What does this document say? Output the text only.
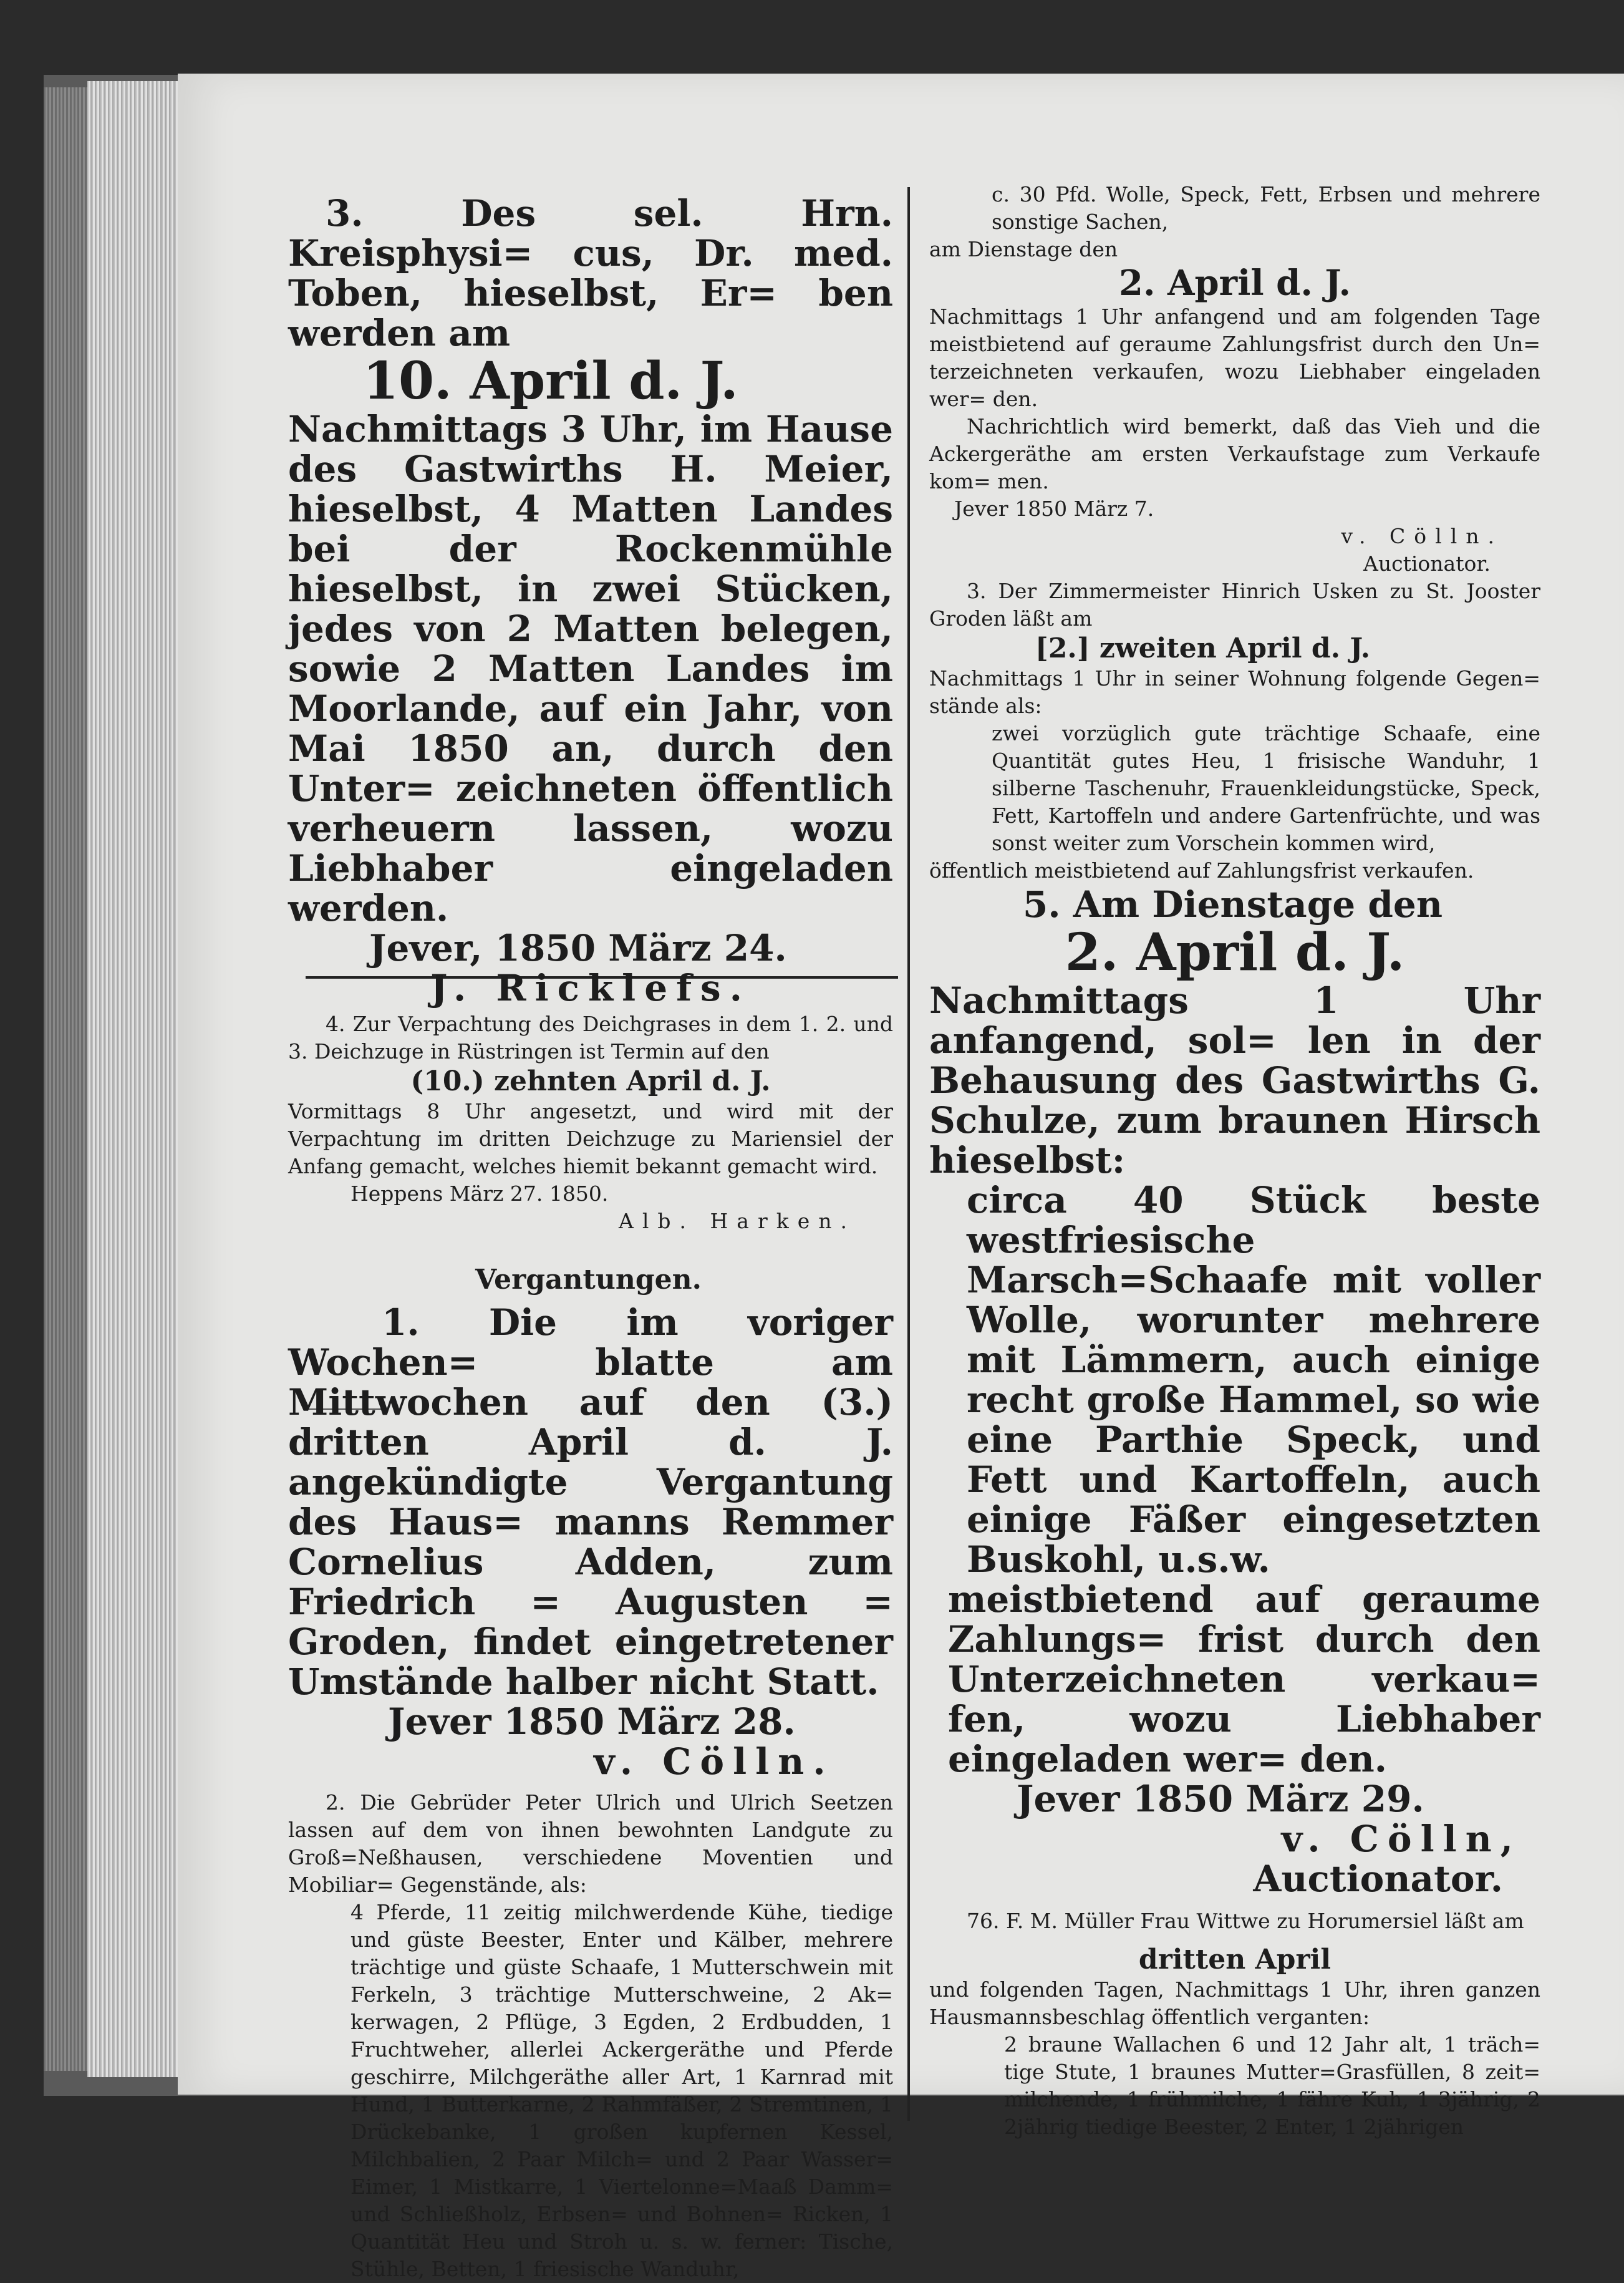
3. Des sel. Hrn. Kreisphysi= cus, Dr. med. Toben, hieselbst, Er= ben werden am

10. April d. J.

Nachmittags 3 Uhr, im Hause des Gastwirths H. Meier, hieselbst, 4 Matten Landes bei der Rockenmühle hieselbst, in zwei Stücken, jedes von 2 Matten belegen, sowie 2 Matten Landes im Moorlande, auf ein Jahr, von Mai 1850 an, durch den Unter= zeichneten öffentlich verheuern lassen, wozu Liebhaber eingeladen werden.

Jever, 1850 März 24.

J. Ricklefs.

4. Zur Verpachtung des Deichgrases in dem 1. 2. und 3. Deichzuge in Rüstringen ist Termin auf den

(10.) zehnten April d. J.

Vormittags 8 Uhr angesetzt, und wird mit der Verpachtung im dritten Deichzuge zu Mariensiel der Anfang gemacht, welches hiemit bekannt gemacht wird.

Heppens März 27. 1850.

Alb. Harken.

Vergantungen.

1. Die im voriger Wochen= blatte am Mittwochen auf den (3.) dritten April d. J. angekündigte Vergantung des Haus= manns Remmer Cornelius Adden, zum Friedrich = Augusten = Groden, findet eingetretener Umstände halber nicht Statt.

Jever 1850 März 28.

v. Cölln.

2. Die Gebrüder Peter Ulrich und Ulrich Seetzen lassen auf dem von ihnen bewohnten Landgute zu Groß=Neßhausen, verschiedene Moventien und Mobiliar= Gegenstände, als:

4 Pferde, 11 zeitig milchwerdende Kühe, tiedige und güste Beester, Enter und Kälber, mehrere trächtige und güste Schaafe, 1 Mutterschwein mit Ferkeln, 3 trächtige Mutterschweine, 2 Ak= kerwagen, 2 Pflüge, 3 Egden, 2 Erdbudden, 1 Fruchtweher, allerlei Ackergeräthe und Pferde geschirre, Milchgeräthe aller Art, 1 Karnrad mit Hund, 1 Butterkarne, 2 Rahmfäßer, 2 Stremtinen, 1 Drückebanke, 1 großen kupfernen Kessel, Milchbalien, 2 Paar Milch= und 2 Paar Wasser= Eimer, 1 Mistkarre, 1 Viertelonne=Maaß Damm= und Schließholz, Erbsen= und Bohnen= Ricken, 1 Quantität Heu und Stroh u. s. w. ferner: Tische, Stühle, Betten, 1 friesische Wanduhr,

c. 30 Pfd. Wolle, Speck, Fett, Erbsen und mehrere sonstige Sachen,

am Dienstage den

2. April d. J.

Nachmittags 1 Uhr anfangend und am folgenden Tage meistbietend auf geraume Zahlungsfrist durch den Un= terzeichneten verkaufen, wozu Liebhaber eingeladen wer= den.

Nachrichtlich wird bemerkt, daß das Vieh und die Ackergeräthe am ersten Verkaufstage zum Verkaufe kom= men.

Jever 1850 März 7.

v. Cölln.

Auctionator.

3. Der Zimmermeister Hinrich Usken zu St. Jooster Groden läßt am

[2.] zweiten April d. J.

Nachmittags 1 Uhr in seiner Wohnung folgende Gegen= stände als:

zwei vorzüglich gute trächtige Schaafe, eine Quantität gutes Heu, 1 frisische Wanduhr, 1 silberne Taschenuhr, Frauenkleidungstücke, Speck, Fett, Kartoffeln und andere Gartenfrüchte, und was sonst weiter zum Vorschein kommen wird,

öffentlich meistbietend auf Zahlungsfrist verkaufen.

5. Am Dienstage den

2. April d. J.

Nachmittags 1 Uhr anfangend, sol= len in der Behausung des Gastwirths G. Schulze, zum braunen Hirsch hieselbst:

circa 40 Stück beste westfriesische Marsch=Schaafe mit voller Wolle, worunter mehrere mit Lämmern, auch einige recht große Hammel, so wie eine Parthie Speck, und Fett und Kartoffeln, auch einige Fäßer eingesetzten Buskohl, u.s.w.

meistbietend auf geraume Zahlungs= frist durch den Unterzeichneten verkau= fen, wozu Liebhaber eingeladen wer= den.

Jever 1850 März 29.

v. Cölln,

Auctionator.

76. F. M. Müller Frau Wittwe zu Horumersiel läßt am

dritten April

und folgenden Tagen, Nachmittags 1 Uhr, ihren ganzen Hausmannsbeschlag öffentlich verganten:

2 braune Wallachen 6 und 12 Jahr alt, 1 träch= tige Stute, 1 braunes Mutter=Grasfüllen, 8 zeit= milchende, 1 frühmilche, 1 fähre Kuh, 1 3jährig, 2 2jährig tiedige Beester, 2 Enter, 1 2jährigen
